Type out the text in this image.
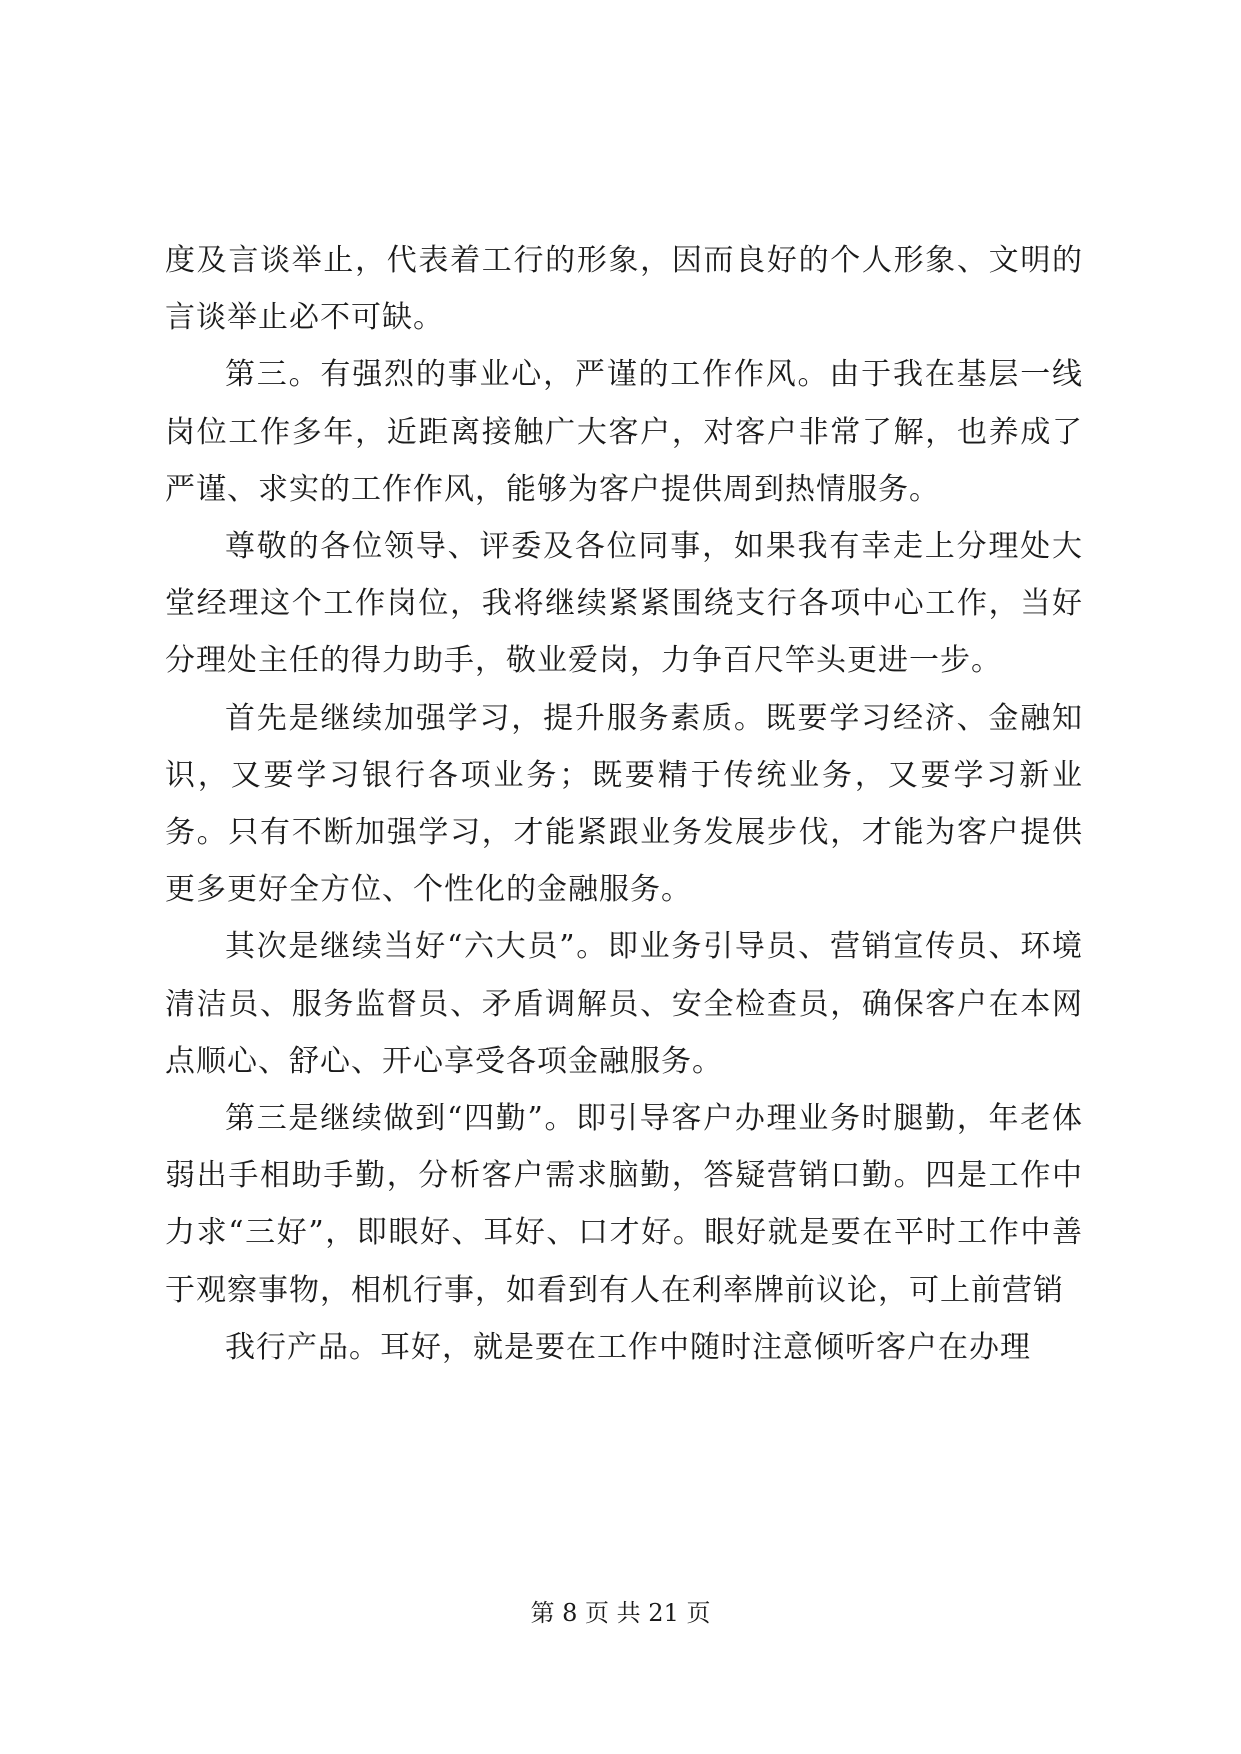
度及言谈举止，代表着工行的形象，因而良好的个人形象、文明的言谈举止必不可缺。

第三。有强烈的事业心，严谨的工作作风。由于我在基层一线岗位工作多年，近距离接触广大客户，对客户非常了解，也养成了严谨、求实的工作作风，能够为客户提供周到热情服务。

尊敬的各位领导、评委及各位同事，如果我有幸走上分理处大堂经理这个工作岗位，我将继续紧紧围绕支行各项中心工作，当好分理处主任的得力助手，敬业爱岗，力争百尺竿头更进一步。

首先是继续加强学习，提升服务素质。既要学习经济、金融知识，又要学习银行各项业务；既要精于传统业务，又要学习新业务。只有不断加强学习，才能紧跟业务发展步伐，才能为客户提供更多更好全方位、个性化的金融服务。

其次是继续当好“六大员”。即业务引导员、营销宣传员、环境清洁员、服务监督员、矛盾调解员、安全检查员，确保客户在本网点顺心、舒心、开心享受各项金融服务。

第三是继续做到“四勤”。即引导客户办理业务时腿勤，年老体弱出手相助手勤，分析客户需求脑勤，答疑营销口勤。四是工作中力求“三好”，即眼好、耳好、口才好。眼好就是要在平时工作中善于观察事物，相机行事，如看到有人在利率牌前议论，可上前营销

我行产品。耳好，就是要在工作中随时注意倾听客户在办理

第 8 页 共 21 页
